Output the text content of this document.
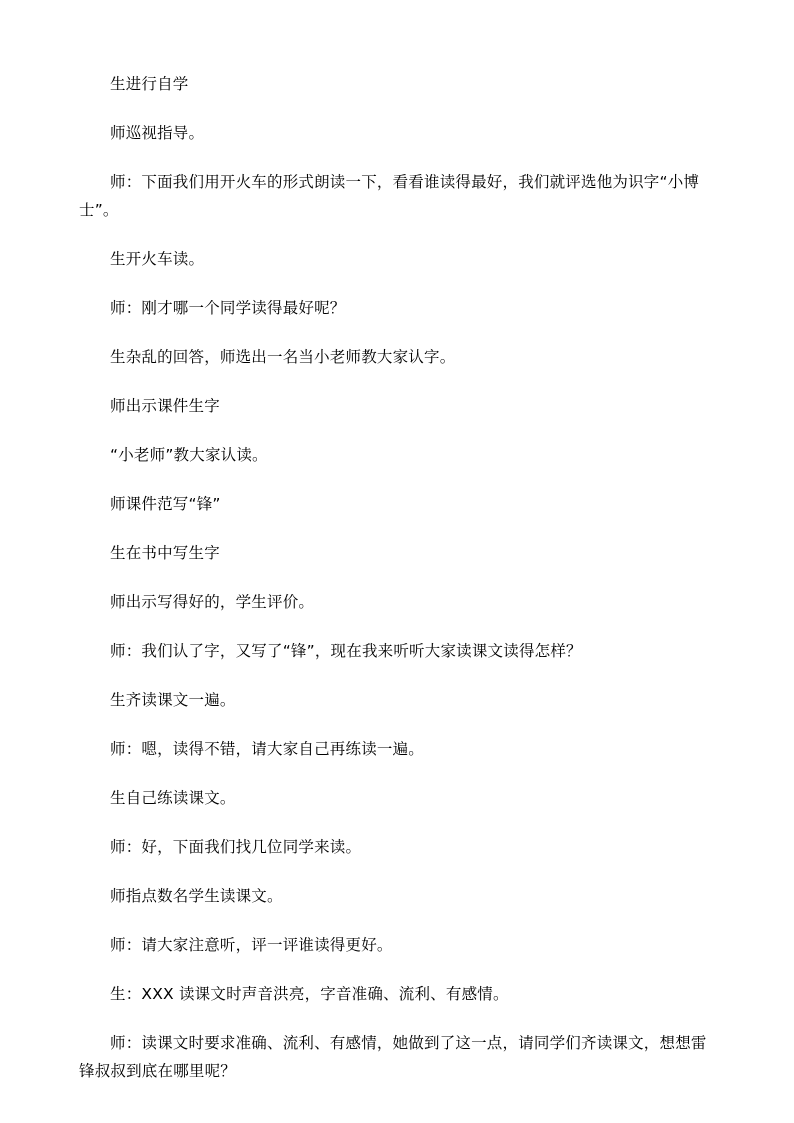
生进行自学

师巡视指导。

师：下面我们用开火车的形式朗读一下，看看谁读得最好，我们就评选他为识字“小博士”。

生开火车读。

师：刚才哪一个同学读得最好呢？

生杂乱的回答，师选出一名当小老师教大家认字。

师出示课件生字

“小老师”教大家认读。

师课件范写“锋”

生在书中写生字

师出示写得好的，学生评价。

师：我们认了字，又写了“锋”，现在我来听听大家读课文读得怎样？

生齐读课文一遍。

师：嗯，读得不错，请大家自己再练读一遍。

生自己练读课文。

师：好，下面我们找几位同学来读。

师指点数名学生读课文。

师：请大家注意听，评一评谁读得更好。

生：XXX 读课文时声音洪亮，字音准确、流利、有感情。

师：读课文时要求准确、流利、有感情，她做到了这一点，请同学们齐读课文，想想雷锋叔叔到底在哪里呢？
